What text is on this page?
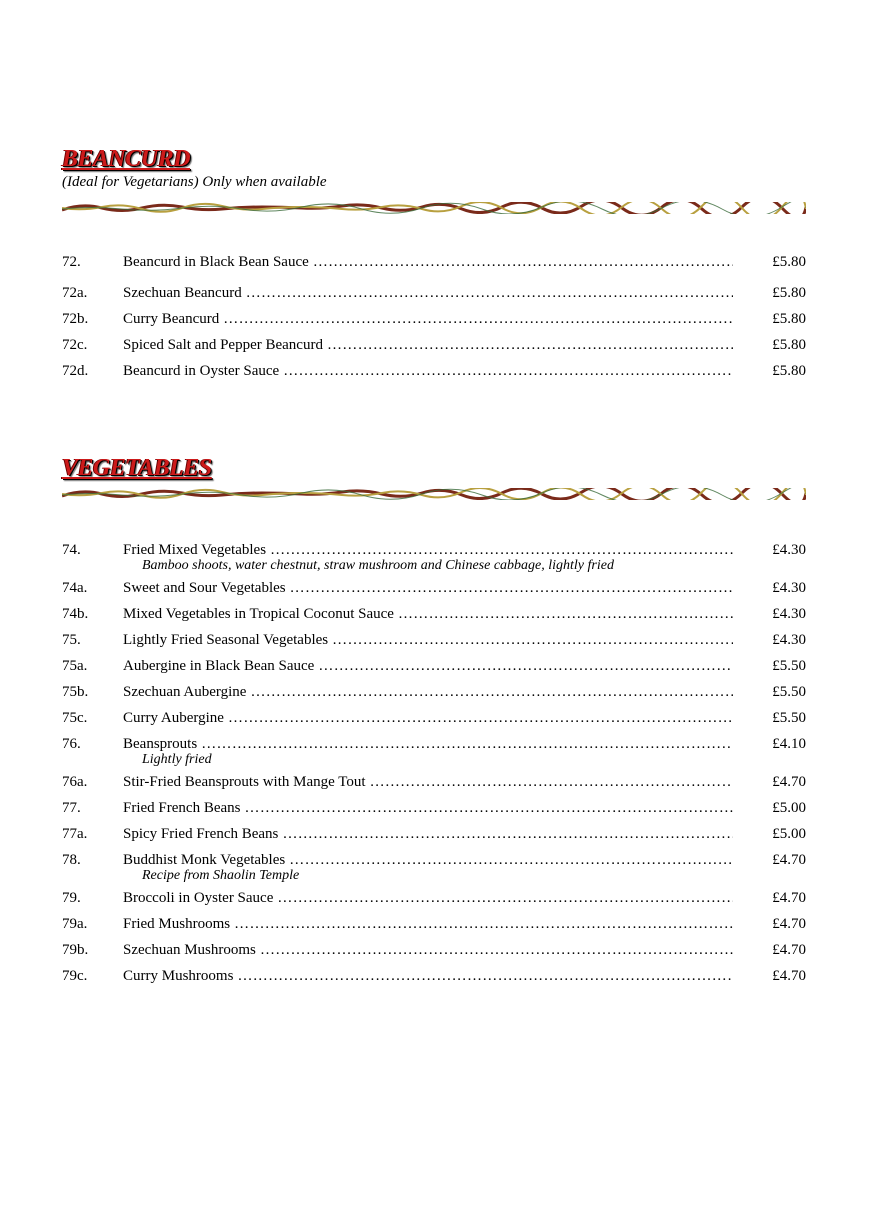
BEANCURD
(Ideal for Vegetarians) Only when available
72.	Beancurd in Black Bean Sauce ………………………………………………………………………………………………………………………………………………………………………………………………………………	£5.80
72a. Szechuan Beancurd ………………………………………………………………………………………………………………………………………………………………………………………………………………	£5.80
72b. Curry Beancurd ………………………………………………………………………………………………………………………………………………………………………………………………………………	£5.80
72c. Spiced Salt and Pepper Beancurd ………………………………………………………………………………………………………………………………………………………………………………………………………………	£5.80
72d. Beancurd in Oyster Sauce ………………………………………………………………………………………………………………………………………………………………………………………………………………	£5.80
VEGETABLES
74.	Fried Mixed Vegetables ………………………………………………………………………………………………………………………………………………………………………………………………………………	£4.30
Bamboo shoots, water chestnut, straw mushroom and Chinese cabbage, lightly fried
74a. Sweet and Sour Vegetables ………………………………………………………………………………………………………………………………………………………………………………………………………………	£4.30
74b. Mixed Vegetables in Tropical Coconut Sauce ………………………………………………………………………………………………………………………………………………………………………………………………………………	£4.30
75.	Lightly Fried Seasonal Vegetables ………………………………………………………………………………………………………………………………………………………………………………………………………………	£4.30
75a. Aubergine in Black Bean Sauce ………………………………………………………………………………………………………………………………………………………………………………………………………………	£5.50
75b. Szechuan Aubergine ………………………………………………………………………………………………………………………………………………………………………………………………………………	£5.50
75c. Curry Aubergine ………………………………………………………………………………………………………………………………………………………………………………………………………………	£5.50
76.	Beansprouts ………………………………………………………………………………………………………………………………………………………………………………………………………………	£4.10
Lightly fried
76a. Stir-Fried Beansprouts with Mange Tout ………………………………………………………………………………………………………………………………………………………………………………………………………………	£4.70
77.	Fried French Beans ………………………………………………………………………………………………………………………………………………………………………………………………………………	£5.00
77a. Spicy Fried French Beans ………………………………………………………………………………………………………………………………………………………………………………………………………………	£5.00
78.	Buddhist Monk Vegetables ………………………………………………………………………………………………………………………………………………………………………………………………………………	£4.70
Recipe from Shaolin Temple
79.	Broccoli in Oyster Sauce ………………………………………………………………………………………………………………………………………………………………………………………………………………	£4.70
79a. Fried Mushrooms ………………………………………………………………………………………………………………………………………………………………………………………………………………	£4.70
79b. Szechuan Mushrooms ………………………………………………………………………………………………………………………………………………………………………………………………………………	£4.70
79c. Curry Mushrooms ………………………………………………………………………………………………………………………………………………………………………………………………………………	£4.70
